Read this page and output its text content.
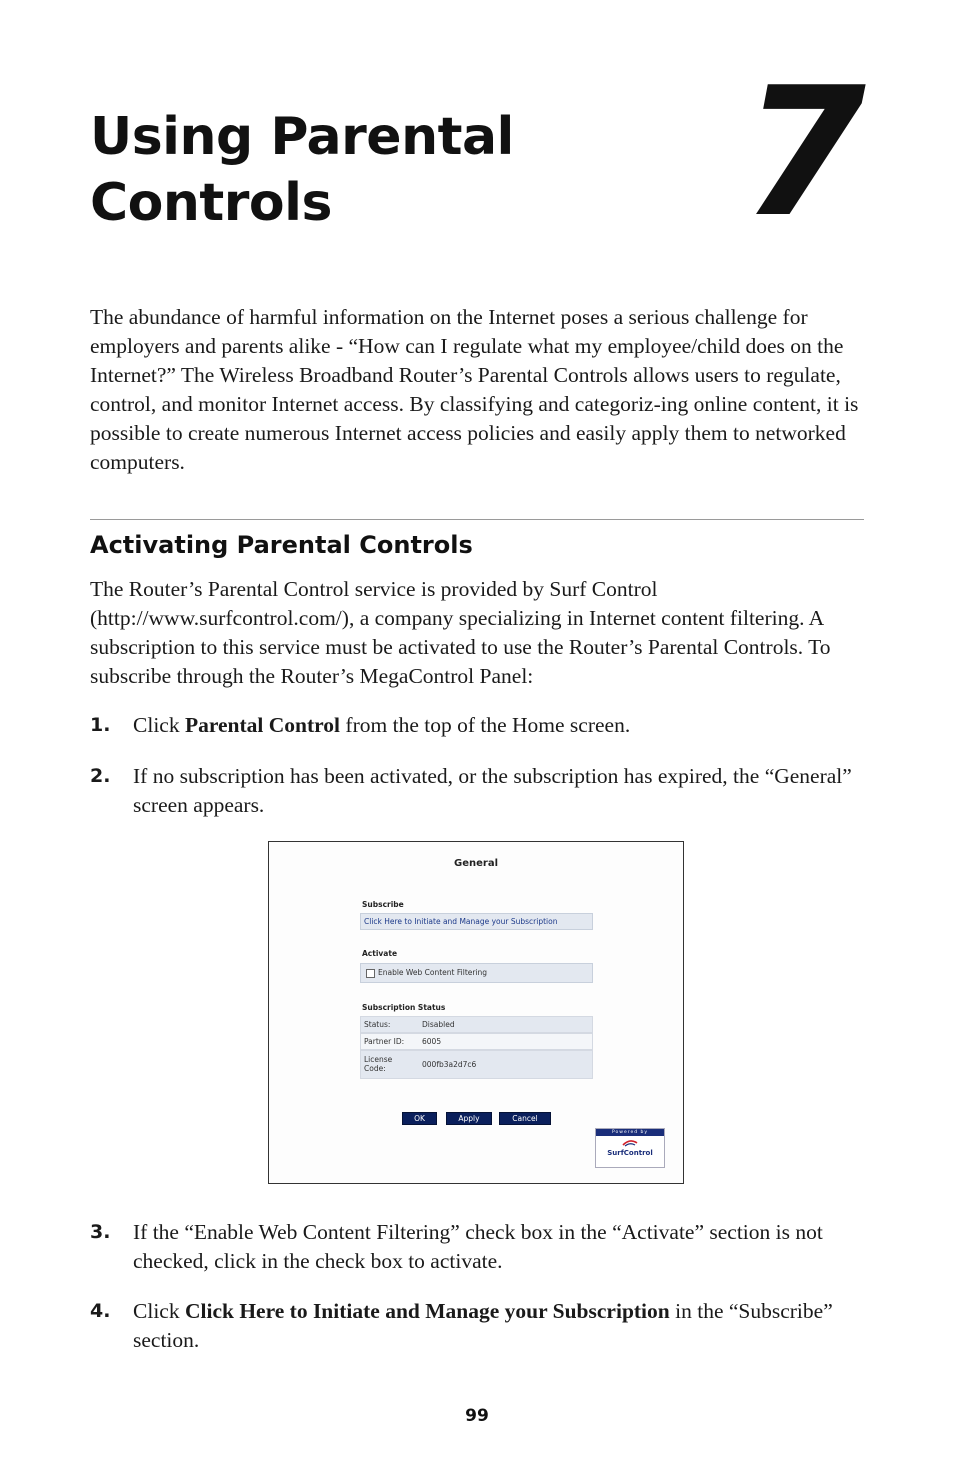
Using Parental
Controls	7

The abundance of harmful information on the Internet poses a serious challenge for employers and parents alike - “How can I regulate what my employee/child does on the Internet?” The Wireless Broadband Router’s Parental Controls allows users to regulate, control, and monitor Internet access. By classifying and categoriz-ing online content, it is possible to create numerous Internet access policies and easily apply them to networked computers.

Activating Parental Controls

The Router’s Parental Control service is provided by Surf Control (http://www.surfcontrol.com/), a company specializing in Internet content filtering. A subscription to this service must be activated to use the Router’s Parental Controls. To subscribe through the Router’s MegaControl Panel:

1. Click Parental Control from the top of the Home screen.

2. If no subscription has been activated, or the subscription has expired, the “General” screen appears.

General
Subscribe
Click Here to Initiate and Manage your Subscription
Activate
Enable Web Content Filtering
Subscription Status
Status:	Disabled
Partner ID: 6005
License Code:	000fb3a2d7c6
OK	Apply	Cancel
Powered by
SurfControl
3. If the “Enable Web Content Filtering” check box in the “Activate” section is not checked, click in the check box to activate.

4. Click Click Here to Initiate and Manage your Subscription in the “Subscribe” section.

99
